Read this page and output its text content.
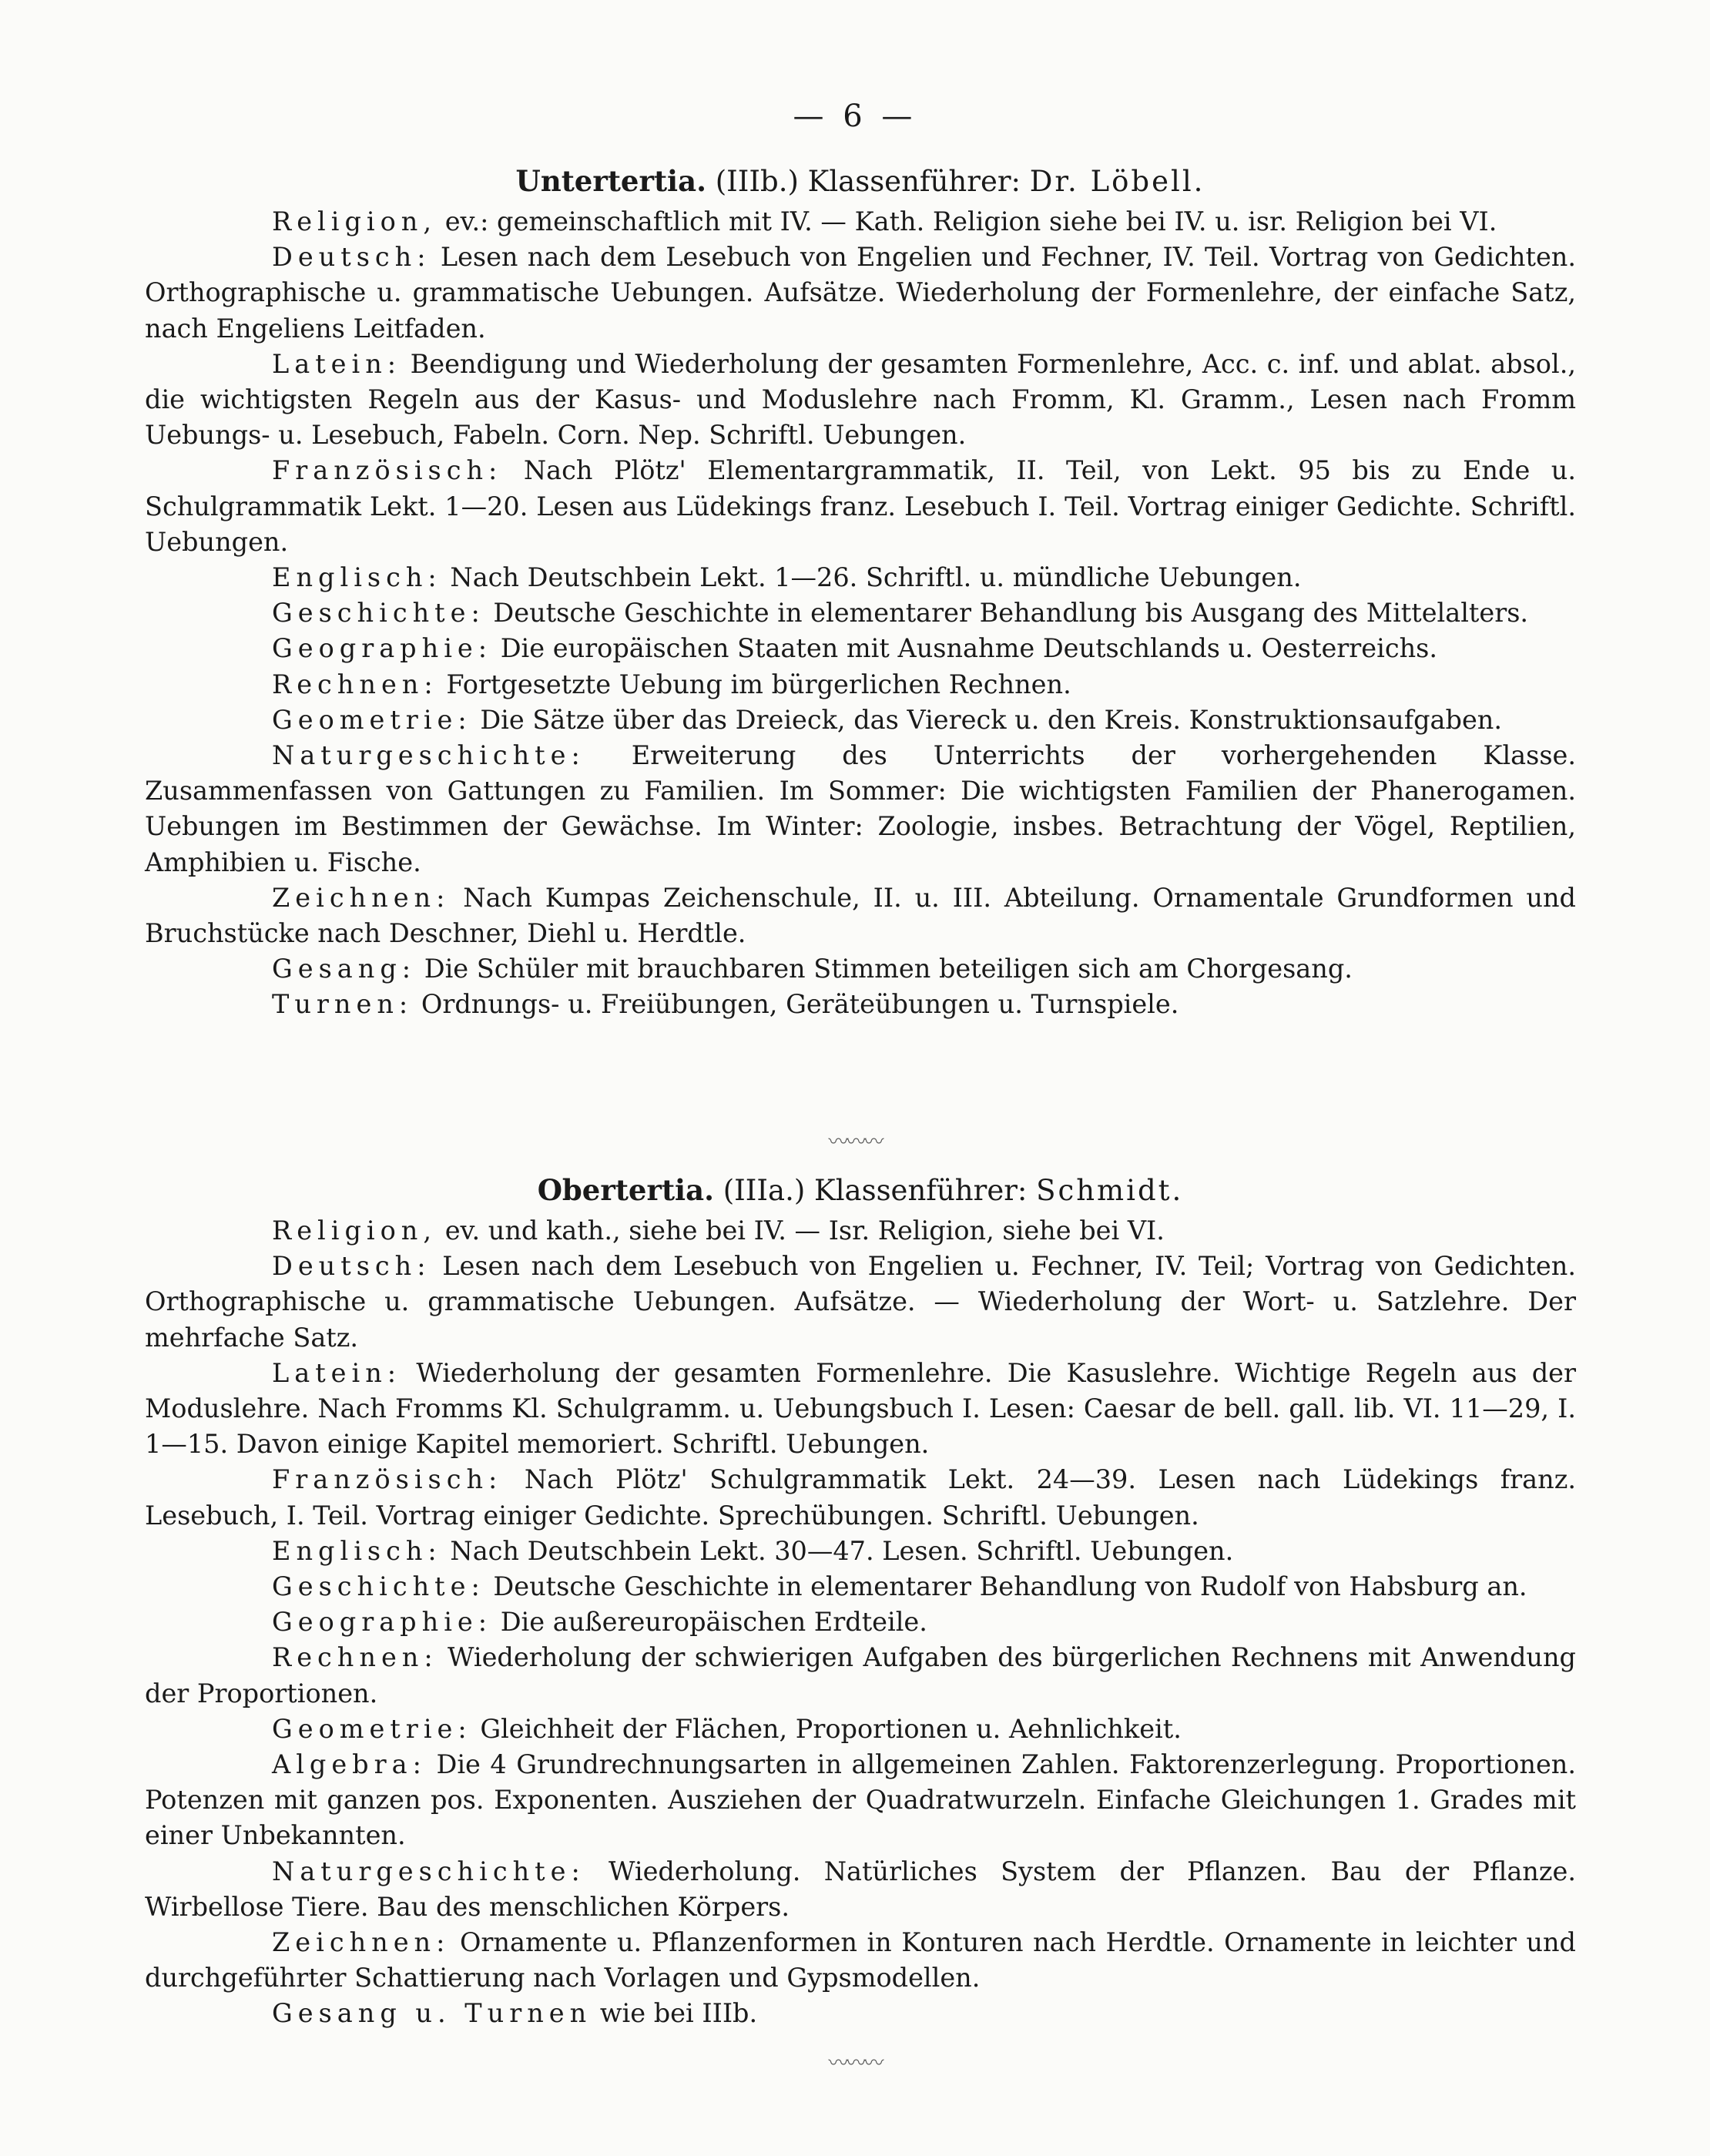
— 6 —
Untertertia. (IIIb.) Klassenführer: Dr. Löbell.

Religion, ev.: gemeinschaftlich mit IV. — Kath. Religion siehe bei IV. u. isr. Religion bei VI.

Deutsch: Lesen nach dem Lesebuch von Engelien und Fechner, IV. Teil. Vortrag von Gedichten. Orthographische u. grammatische Uebungen. Aufsätze. Wiederholung der Formenlehre, der einfache Satz, nach Engeliens Leitfaden.

Latein: Beendigung und Wiederholung der gesamten Formenlehre, Acc. c. inf. und ablat. absol., die wichtigsten Regeln aus der Kasus- und Moduslehre nach Fromm, Kl. Gramm., Lesen nach Fromm Uebungs- u. Lesebuch, Fabeln. Corn. Nep. Schriftl. Uebungen.

Französisch: Nach Plötz' Elementargrammatik, II. Teil, von Lekt. 95 bis zu Ende u. Schulgrammatik Lekt. 1—20. Lesen aus Lüdekings franz. Lesebuch I. Teil. Vortrag einiger Gedichte. Schriftl. Uebungen.

Englisch: Nach Deutschbein Lekt. 1—26. Schriftl. u. mündliche Uebungen.

Geschichte: Deutsche Geschichte in elementarer Behandlung bis Ausgang des Mittelalters.

Geographie: Die europäischen Staaten mit Ausnahme Deutschlands u. Oesterreichs.

Rechnen: Fortgesetzte Uebung im bürgerlichen Rechnen.

Geometrie: Die Sätze über das Dreieck, das Viereck u. den Kreis. Konstruktionsaufgaben.

Naturgeschichte: Erweiterung des Unterrichts der vorhergehenden Klasse. Zusammenfassen von Gattungen zu Familien. Im Sommer: Die wichtigsten Familien der Phanerogamen. Uebungen im Bestimmen der Gewächse. Im Winter: Zoologie, insbes. Betrachtung der Vögel, Reptilien, Amphibien u. Fische.

Zeichnen: Nach Kumpas Zeichenschule, II. u. III. Abteilung. Ornamentale Grundformen und Bruchstücke nach Deschner, Diehl u. Herdtle.

Gesang: Die Schüler mit brauchbaren Stimmen beteiligen sich am Chorgesang.

Turnen: Ordnungs- u. Freiübungen, Geräteübungen u. Turnspiele.

〰〰〰
Obertertia. (IIIa.) Klassenführer: Schmidt.

Religion, ev. und kath., siehe bei IV. — Isr. Religion, siehe bei VI.

Deutsch: Lesen nach dem Lesebuch von Engelien u. Fechner, IV. Teil; Vortrag von Gedichten. Orthographische u. grammatische Uebungen. Aufsätze. — Wiederholung der Wort- u. Satzlehre. Der mehrfache Satz.

Latein: Wiederholung der gesamten Formenlehre. Die Kasuslehre. Wichtige Regeln aus der Moduslehre. Nach Fromms Kl. Schulgramm. u. Uebungsbuch I. Lesen: Caesar de bell. gall. lib. VI. 11—29, I. 1—15. Davon einige Kapitel memoriert. Schriftl. Uebungen.

Französisch: Nach Plötz' Schulgrammatik Lekt. 24—39. Lesen nach Lüdekings franz. Lesebuch, I. Teil. Vortrag einiger Gedichte. Sprechübungen. Schriftl. Uebungen.

Englisch: Nach Deutschbein Lekt. 30—47. Lesen. Schriftl. Uebungen.

Geschichte: Deutsche Geschichte in elementarer Behandlung von Rudolf von Habsburg an.

Geographie: Die außereuropäischen Erdteile.

Rechnen: Wiederholung der schwierigen Aufgaben des bürgerlichen Rechnens mit Anwendung der Proportionen.

Geometrie: Gleichheit der Flächen, Proportionen u. Aehnlichkeit.

Algebra: Die 4 Grundrechnungsarten in allgemeinen Zahlen. Faktorenzerlegung. Proportionen. Potenzen mit ganzen pos. Exponenten. Ausziehen der Quadratwurzeln. Einfache Gleichungen 1. Grades mit einer Unbekannten.

Naturgeschichte: Wiederholung. Natürliches System der Pflanzen. Bau der Pflanze. Wirbellose Tiere. Bau des menschlichen Körpers.

Zeichnen: Ornamente u. Pflanzenformen in Konturen nach Herdtle. Ornamente in leichter und durchgeführter Schattierung nach Vorlagen und Gypsmodellen.

Gesang u. Turnen wie bei IIIb.

〰〰〰
